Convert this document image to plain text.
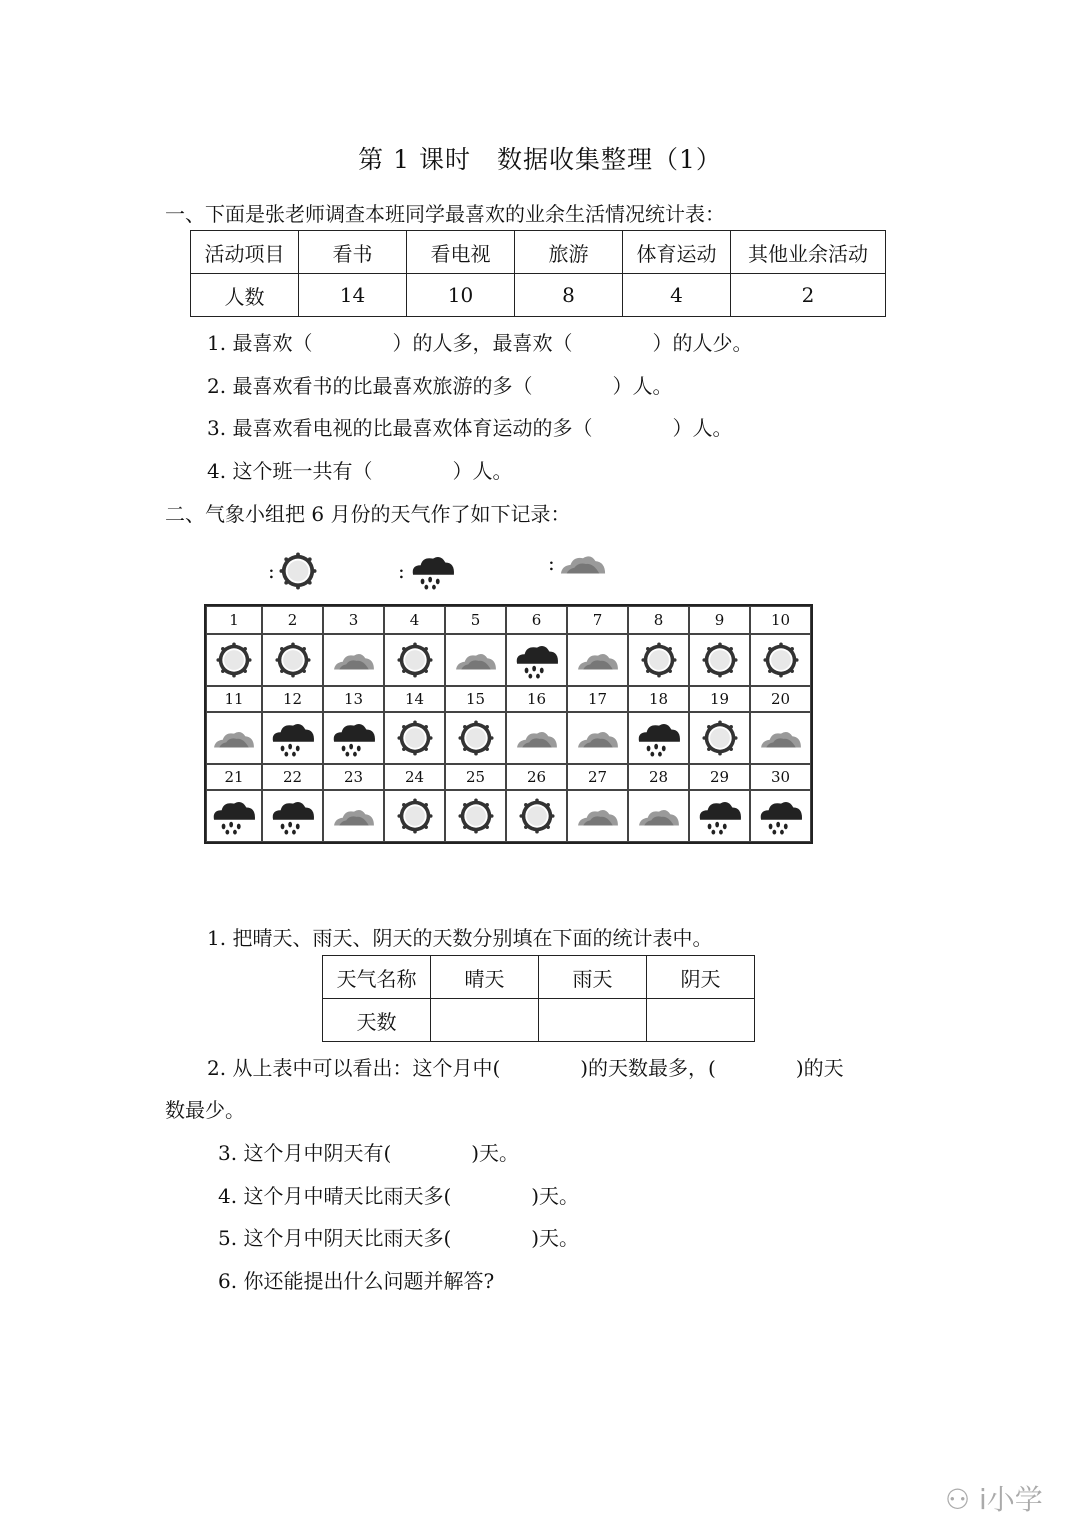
第 1 课时　数据收集整理（1）
一、下面是张老师调查本班同学最喜欢的业余生活情况统计表：
活动项目	看书	看电视	旅游	体育运动	其他业余活动
人数	14	10	8	4	2
1. 最喜欢（　　　　）的人多，最喜欢（　　　　）的人少。
2. 最喜欢看书的比最喜欢旅游的多（　　　　）人。
3. 最喜欢看电视的比最喜欢体育运动的多（　　　　）人。
4. 这个班一共有（　　　　）人。
二、气象小组把 6 月份的天气作了如下记录：
:	:	:
1	2	3	4	5	6	7	8	9	10
11	12	13	14	15	16	17	18	19	20
21	22	23	24	25	26	27	28	29	30
1. 把晴天、雨天、阴天的天数分别填在下面的统计表中。
天气名称	晴天	雨天	阴天
天数			
2. 从上表中可以看出：这个月中(　　　　)的天数最多，(　　　　)的天
数最少。
3. 这个月中阴天有(　　　　)天。
4. 这个月中晴天比雨天多(　　　　)天。
5. 这个月中阴天比雨天多(　　　　)天。
6. 你还能提出什么问题并解答?
⚇ i小学
